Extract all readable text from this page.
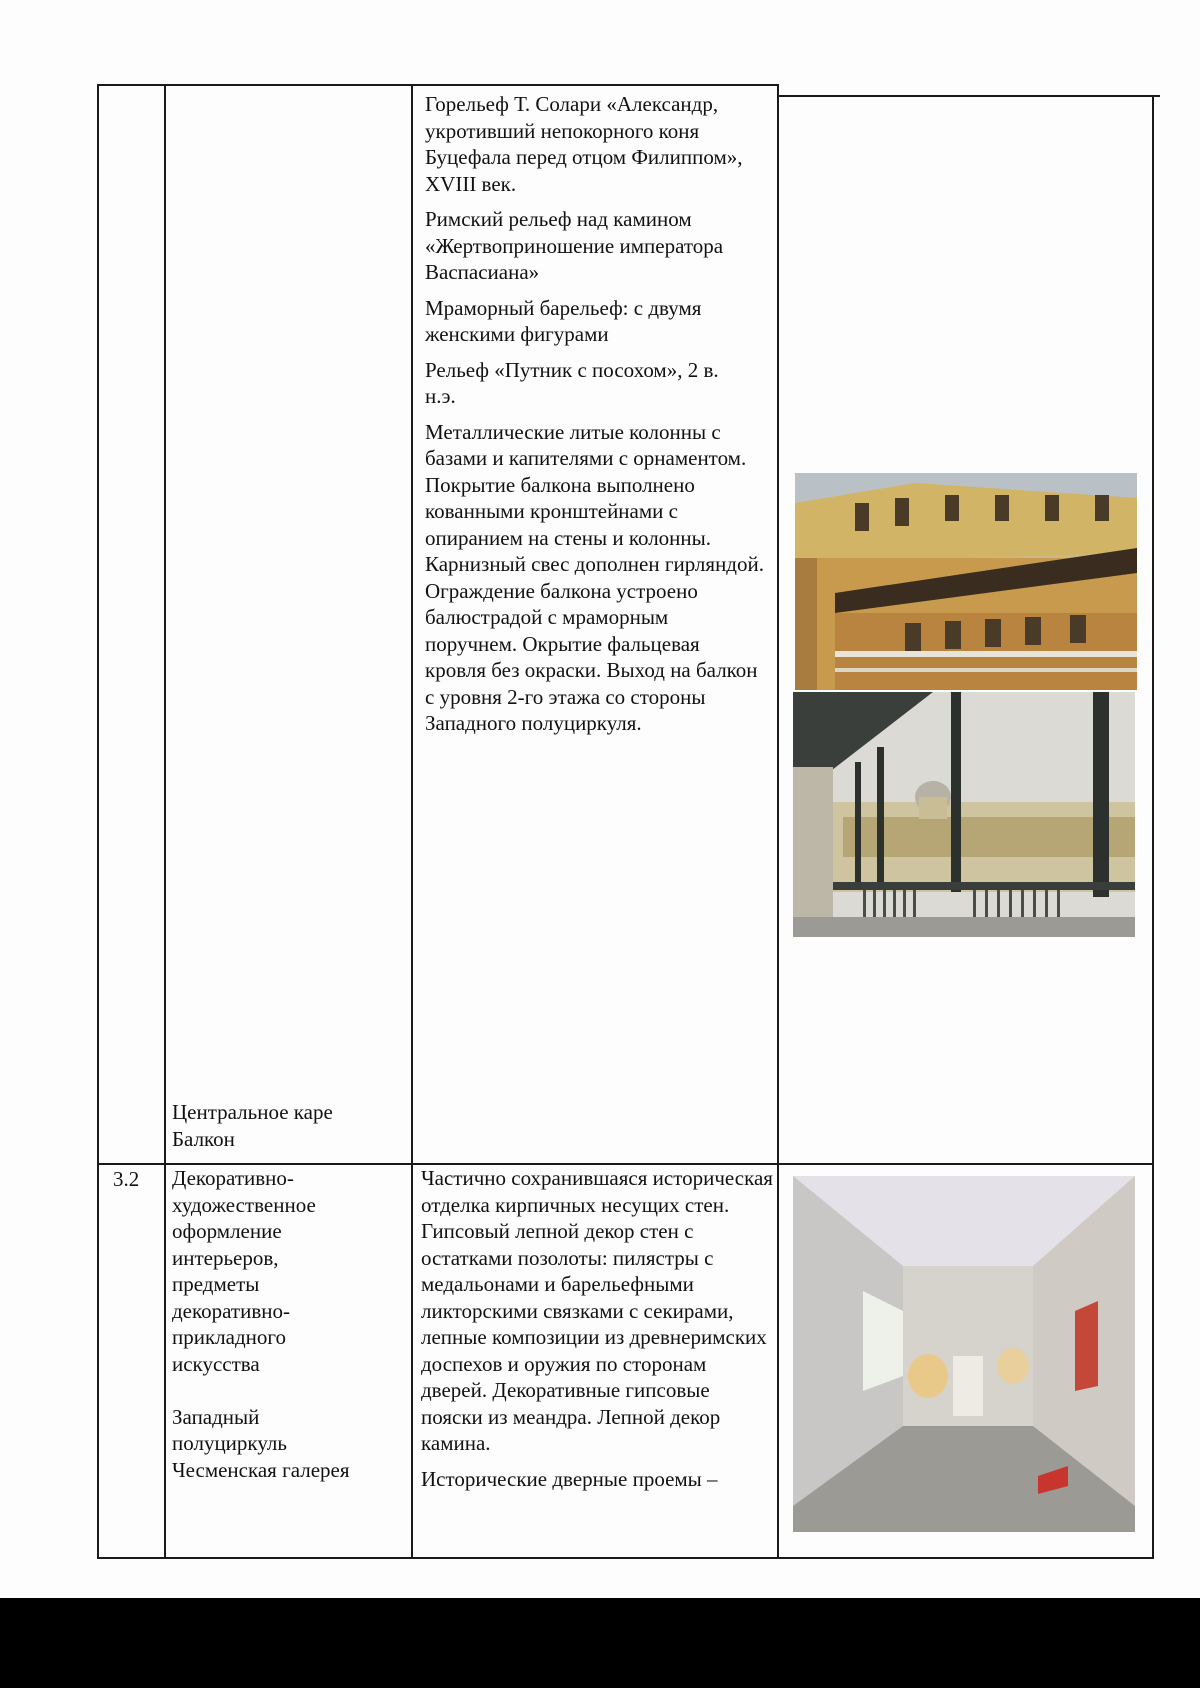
Центральное каре
Балкон

Горельеф Т. Солари «Александр, укротивший непокорного коня Буцефала перед отцом Филиппом», XVIII век.

Римский рельеф над камином «Жертвоприношение императора Васпасиана»

Мраморный барельеф: с двумя женскими фигурами

Рельеф «Путник с посохом», 2 в. н.э.

Металлические литые колонны с базами и капителями с орнаментом. Покрытие балкона выполнено кованными кронштейнами с опиранием на стены и колонны. Карнизный свес дополнен гирляндой. Ограждение балкона устроено балюстрадой с мраморным поручнем. Окрытие фальцевая кровля без окраски. Выход на балкон с уровня 2-го этажа со стороны Западного полуциркуля.

3.2 Декоративно-
художественное
оформление
интерьеров,
предметы
декоративно-
прикладного
искусства
Западный
полуциркуль
Чесменская галерея

Частично сохранившаяся историческая отделка кирпичных несущих стен. Гипсовый лепной декор стен с остатками позолоты: пилястры с медальонами и барельефными ликторскими связками с секирами, лепные композиции из древнеримских доспехов и оружия по сторонам дверей. Декоративные гипсовые пояски из меандра. Лепной декор камина.

Исторические дверные проемы –
